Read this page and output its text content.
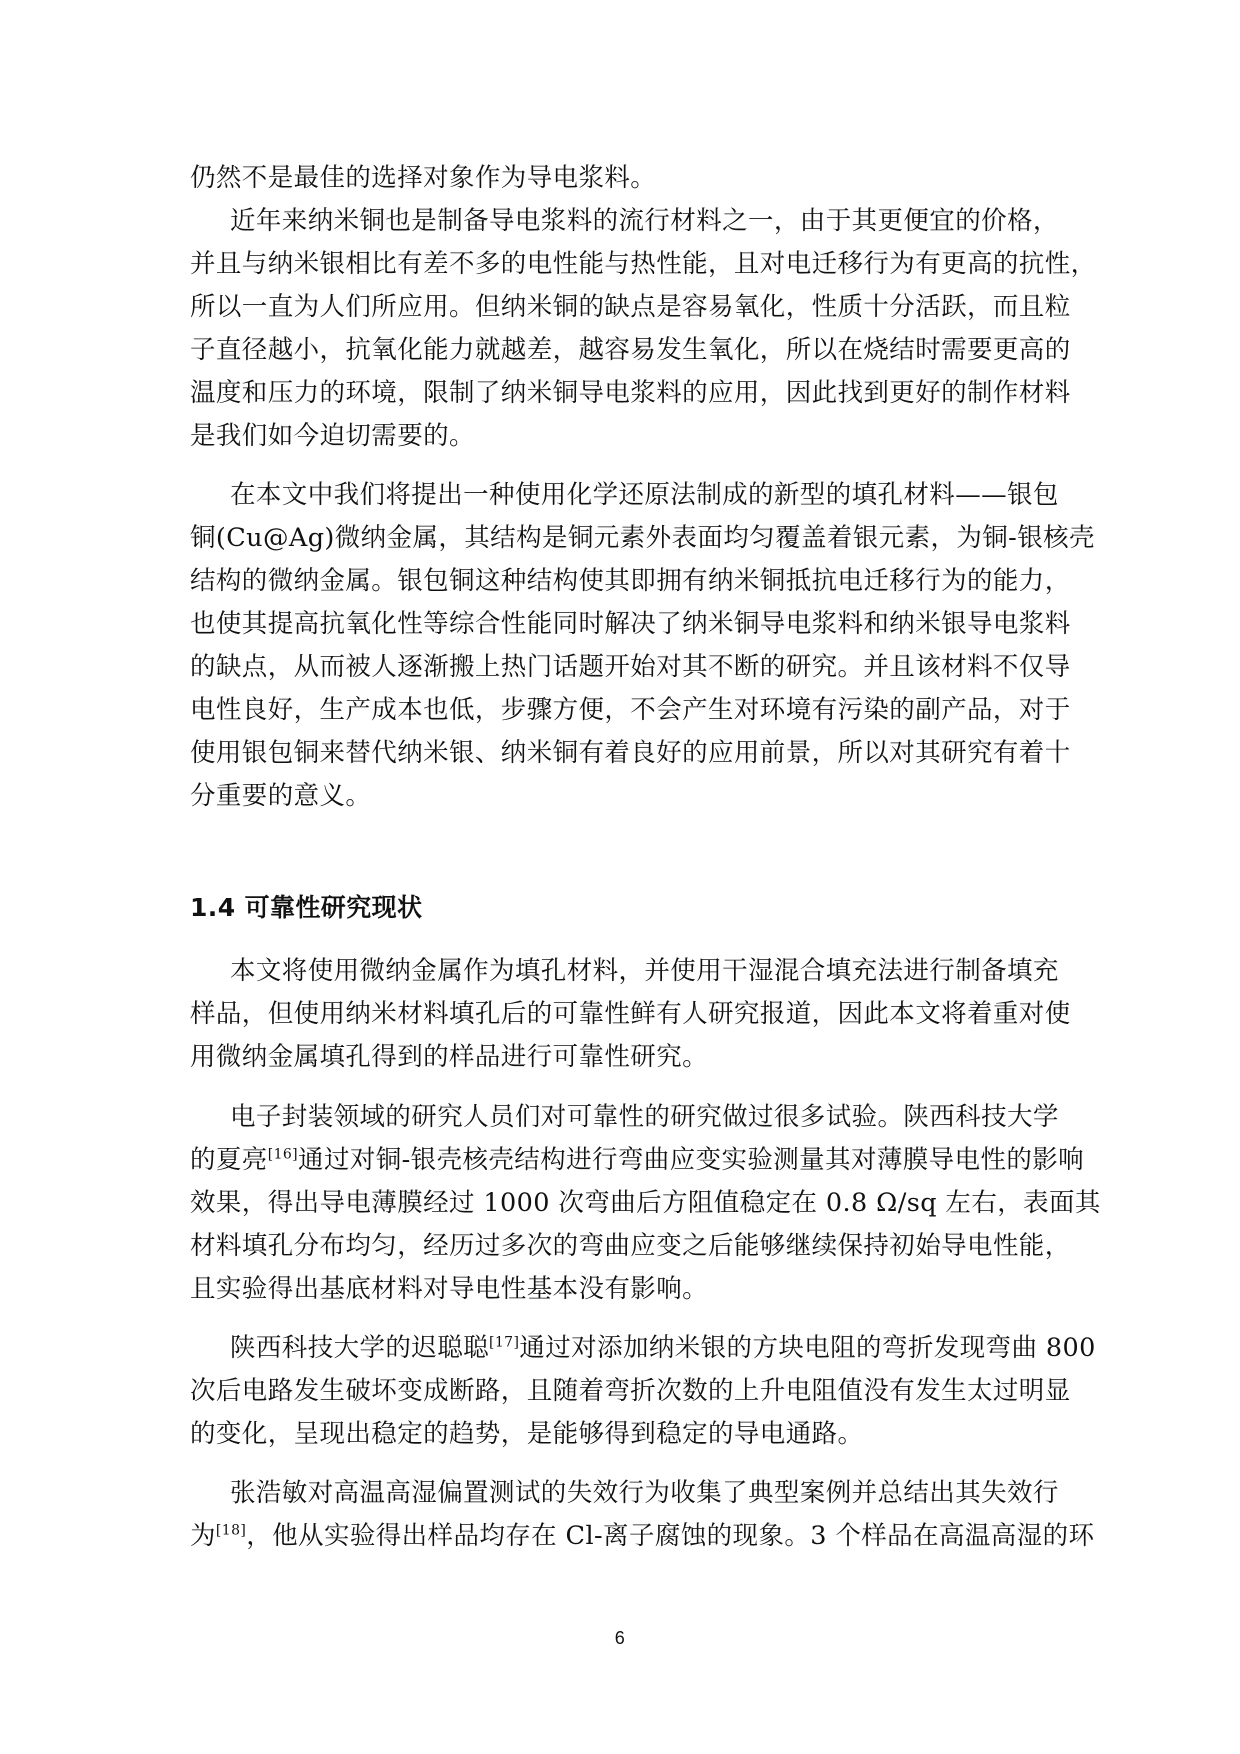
仍然不是最佳的选择对象作为导电浆料。
近年来纳米铜也是制备导电浆料的流行材料之一，由于其更便宜的价格，
并且与纳米银相比有差不多的电性能与热性能，且对电迁移行为有更高的抗性，
所以一直为人们所应用。但纳米铜的缺点是容易氧化，性质十分活跃，而且粒
子直径越小，抗氧化能力就越差，越容易发生氧化，所以在烧结时需要更高的
温度和压力的环境，限制了纳米铜导电浆料的应用，因此找到更好的制作材料
是我们如今迫切需要的。
在本文中我们将提出一种使用化学还原法制成的新型的填孔材料——银包
铜(Cu@Ag)微纳金属，其结构是铜元素外表面均匀覆盖着银元素，为铜-银核壳
结构的微纳金属。银包铜这种结构使其即拥有纳米铜抵抗电迁移行为的能力，
也使其提高抗氧化性等综合性能同时解决了纳米铜导电浆料和纳米银导电浆料
的缺点，从而被人逐渐搬上热门话题开始对其不断的研究。并且该材料不仅导
电性良好，生产成本也低，步骤方便，不会产生对环境有污染的副产品，对于
使用银包铜来替代纳米银、纳米铜有着良好的应用前景，所以对其研究有着十
分重要的意义。
1.4 可靠性研究现状
本文将使用微纳金属作为填孔材料，并使用干湿混合填充法进行制备填充
样品，但使用纳米材料填孔后的可靠性鲜有人研究报道，因此本文将着重对使
用微纳金属填孔得到的样品进行可靠性研究。
电子封装领域的研究人员们对可靠性的研究做过很多试验。陕西科技大学
的夏亮[16]通过对铜-银壳核壳结构进行弯曲应变实验测量其对薄膜导电性的影响
效果，得出导电薄膜经过 1000 次弯曲后方阻值稳定在 0.8 Ω/sq 左右，表面其
材料填孔分布均匀，经历过多次的弯曲应变之后能够继续保持初始导电性能，
且实验得出基底材料对导电性基本没有影响。
陕西科技大学的迟聪聪[17]通过对添加纳米银的方块电阻的弯折发现弯曲 800
次后电路发生破坏变成断路，且随着弯折次数的上升电阻值没有发生太过明显
的变化，呈现出稳定的趋势，是能够得到稳定的导电通路。
张浩敏对高温高湿偏置测试的失效行为收集了典型案例并总结出其失效行
为[18]，他从实验得出样品均存在 Cl-离子腐蚀的现象。3 个样品在高温高湿的环
6
